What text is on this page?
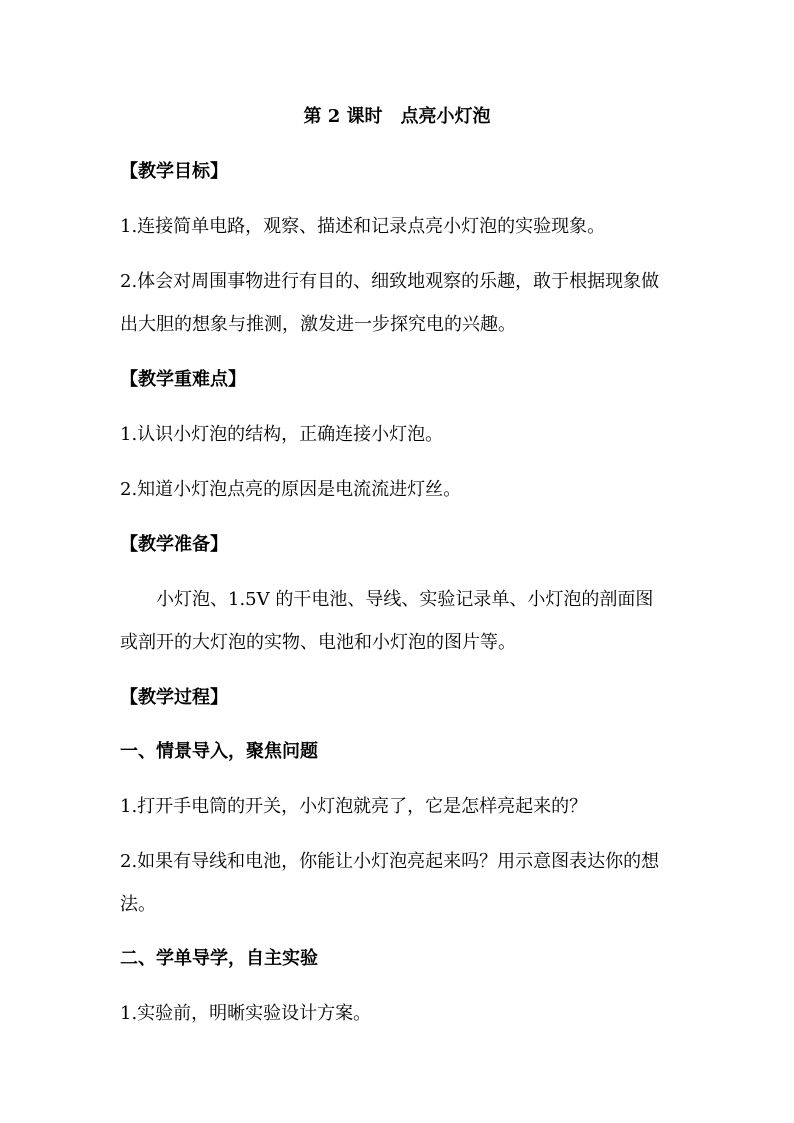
第 2 课时　点亮小灯泡
【教学目标】
1.连接简单电路，观察、描述和记录点亮小灯泡的实验现象。
2.体会对周围事物进行有目的、细致地观察的乐趣，敢于根据现象做
出大胆的想象与推测，激发进一步探究电的兴趣。
【教学重难点】
1.认识小灯泡的结构，正确连接小灯泡。
2.知道小灯泡点亮的原因是电流流进灯丝。
【教学准备】
小灯泡、1.5V 的干电池、导线、实验记录单、小灯泡的剖面图
或剖开的大灯泡的实物、电池和小灯泡的图片等。
【教学过程】
一、情景导入，聚焦问题
1.打开手电筒的开关，小灯泡就亮了，它是怎样亮起来的？
2.如果有导线和电池，你能让小灯泡亮起来吗？用示意图表达你的想
法。
二、学单导学，自主实验
1.实验前，明晰实验设计方案。
